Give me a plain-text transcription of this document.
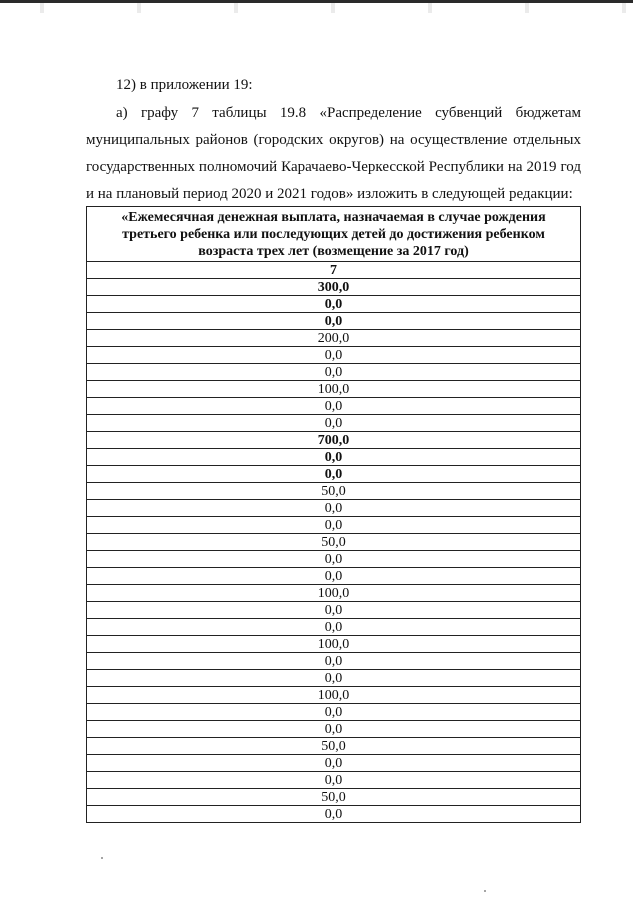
12) в приложении 19:
а) графу 7 таблицы 19.8 «Распределение субвенций бюджетам
муниципальных районов (городских округов) на осуществление отдельных
государственных полномочий Карачаево-Черкесской Республики на 2019 год
и на плановый период 2020 и 2021 годов» изложить в следующей редакции:
«Ежемесячная денежная выплата, назначаемая в случае рождения третьего ребенка или последующих детей до достижения ребенком возраста трех лет (возмещение за 2017 год)
7
300,0
0,0
0,0
200,0
0,0
0,0
100,0
0,0
0,0
700,0
0,0
0,0
50,0
0,0
0,0
50,0
0,0
0,0
100,0
0,0
0,0
100,0
0,0
0,0
100,0
0,0
0,0
50,0
0,0
0,0
50,0
0,0
